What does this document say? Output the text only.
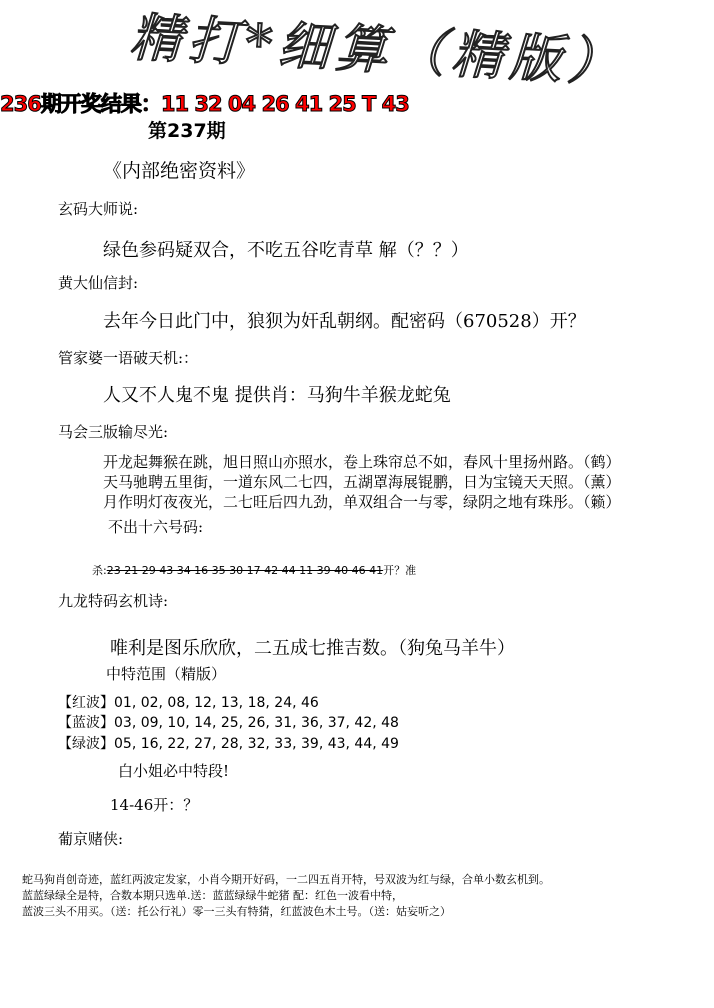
精打*细算（精版）
236期开奖结果：11 32 04 26 41 25 T 43
第237期
《内部绝密资料》
玄码大师说:
绿色参码疑双合，不吃五谷吃青草 解（？？）
黄大仙信封:
去年今日此门中，狼狈为奸乱朝纲。配密码（670528）开？
管家婆一语破天机:：
人又不人鬼不鬼 提供肖：马狗牛羊猴龙蛇兔
马会三版输尽光:
开龙起舞猴在跳，旭日照山亦照水，卷上珠帘总不如，春风十里扬州路。（鹤）
天马驰聘五里街，一道东风二七四，五湖罩海展锟鹏，日为宝镜天天照。（薰）
月作明灯夜夜光，二七旺后四九劲，单双组合一与零，绿阴之地有珠彤。（籁）
不出十六号码:
杀:23 21 29 43 34 16 35 30 17 42 44 11 39 40 46 41开？准
九龙特码玄机诗:
唯利是图乐欣欣，二五成七推吉数。（狗兔马羊牛）
中特范围（精版）
【红波】01, 02, 08, 12, 13, 18, 24, 46
【蓝波】03, 09, 10, 14, 25, 26, 31, 36, 37, 42, 48
【绿波】05, 16, 22, 27, 28, 32, 33, 39, 43, 44, 49
白小姐必中特段!
14-46开：？
葡京赌侠:
蛇马狗肖创奇迹，蓝红两波定发家，小肖今期开好码，一二四五肖开特，号双波为红与绿，合单小数玄机到。
蓝蓝绿绿全是特，合数本期只选单.送：蓝蓝绿绿牛蛇猪 配：红色一波看中特，
蓝波三头不用买。（送：托公行礼）零一三头有特猜，红蓝波色木土号。（送：姑妄听之）
